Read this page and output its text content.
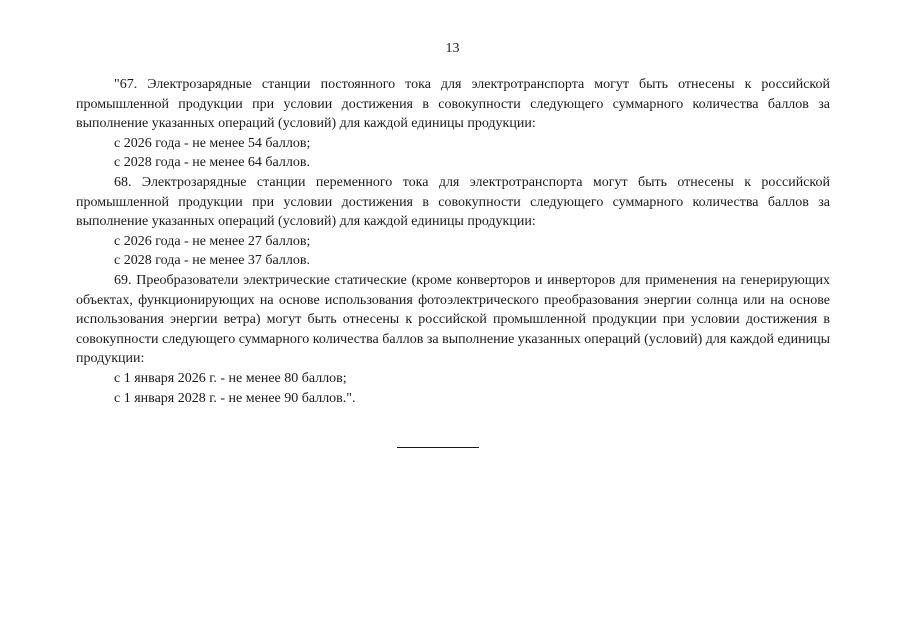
13

"67. Электрозарядные станции постоянного тока для электротранспорта могут быть отнесены к российской промышленной продукции при условии достижения в совокупности следующего суммарного количества баллов за выполнение указанных операций (условий) для каждой единицы продукции:

с 2026 года - не менее 54 баллов;

с 2028 года - не менее 64 баллов.

68. Электрозарядные станции переменного тока для электротранспорта могут быть отнесены к российской промышленной продукции при условии достижения в совокупности следующего суммарного количества баллов за выполнение указанных операций (условий) для каждой единицы продукции:

с 2026 года - не менее 27 баллов;

с 2028 года - не менее 37 баллов.

69. Преобразователи электрические статические (кроме конверторов и инверторов для применения на генерирующих объектах, функционирующих на основе использования фотоэлектрического преобразования энергии солнца или на основе использования энергии ветра) могут быть отнесены к российской промышленной продукции при условии достижения в совокупности следующего суммарного количества баллов за выполнение указанных операций (условий) для каждой единицы продукции:

с 1 января 2026 г. - не менее 80 баллов;

с 1 января 2028 г. - не менее 90 баллов.".
